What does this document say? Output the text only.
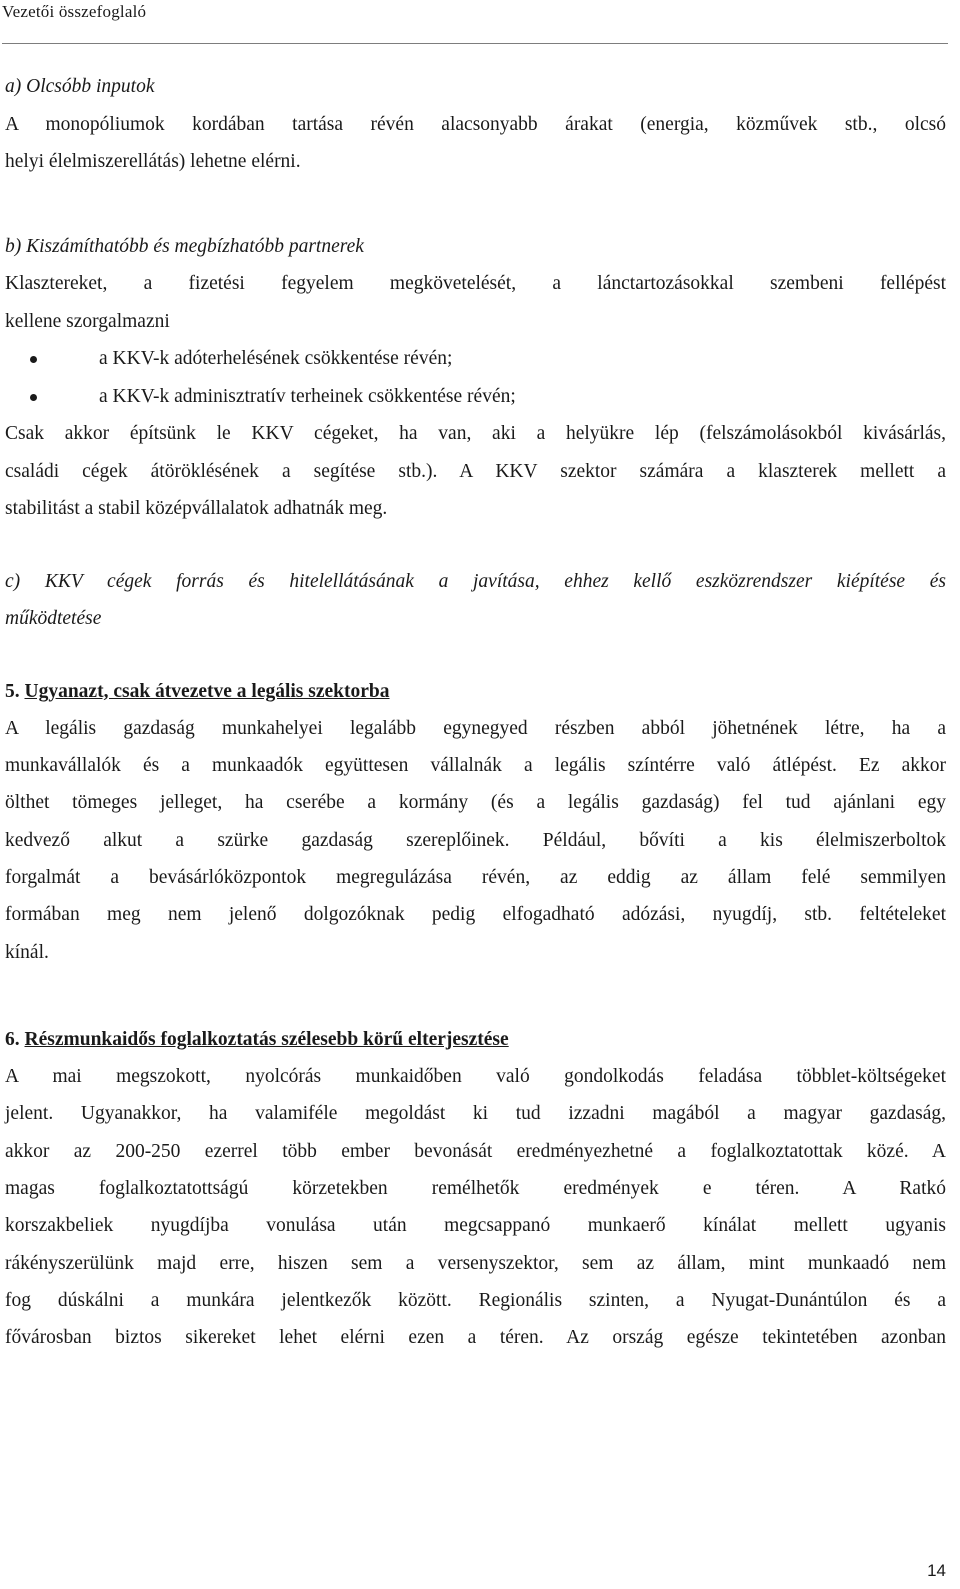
Vezetői összefoglaló
a) Olcsóbb inputok
A monopóliumok kordában tartása révén alacsonyabb árakat (energia, közművek stb., olcsó
helyi élelmiszerellátás) lehetne elérni.
b) Kiszámíthatóbb és megbízhatóbb partnerek
Klasztereket, a fizetési fegyelem megkövetelését, a lánctartozásokkal szembeni fellépést
kellene szorgalmazni
a KKV-k adóterhelésének csökkentése révén;
a KKV-k adminisztratív terheinek csökkentése révén;
Csak akkor építsünk le KKV cégeket, ha van, aki a helyükre lép (felszámolásokból kivásárlás,
családi cégek átöröklésének a segítése stb.). A KKV szektor számára a klaszterek mellett a
stabilitást a stabil középvállalatok adhatnák meg.
c) KKV cégek forrás és hitelellátásának a javítása, ehhez kellő eszközrendszer kiépítése és
működtetése
5. Ugyanazt, csak átvezetve a legális szektorba
A legális gazdaság munkahelyei legalább egynegyed részben abból jöhetnének létre, ha a
munkavállalók és a munkaadók együttesen vállalnák a legális színtérre való átlépést. Ez akkor
ölthet tömeges jelleget, ha cserébe a kormány (és a legális gazdaság) fel tud ajánlani egy
kedvező alkut a szürke gazdaság szereplőinek. Például, bővíti a kis élelmiszerboltok
forgalmát a bevásárlóközpontok megregulázása révén, az eddig az állam felé semmilyen
formában meg nem jelenő dolgozóknak pedig elfogadható adózási, nyugdíj, stb. feltételeket
kínál.
6. Részmunkaidős foglalkoztatás szélesebb körű elterjesztése
A mai megszokott, nyolcórás munkaidőben való gondolkodás feladása többlet-költségeket
jelent. Ugyanakkor, ha valamiféle megoldást ki tud izzadni magából a magyar gazdaság,
akkor az 200-250 ezerrel több ember bevonását eredményezhetné a foglalkoztatottak közé. A
magas foglalkoztatottságú körzetekben remélhetők eredmények e téren. A Ratkó
korszakbeliek nyugdíjba vonulása után megcsappanó munkaerő kínálat mellett ugyanis
rákényszerülünk majd erre, hiszen sem a versenyszektor, sem az állam, mint munkaadó nem
fog dúskálni a munkára jelentkezők között. Regionális szinten, a Nyugat-Dunántúlon és a
fővárosban biztos sikereket lehet elérni ezen a téren. Az ország egésze tekintetében azonban
14
